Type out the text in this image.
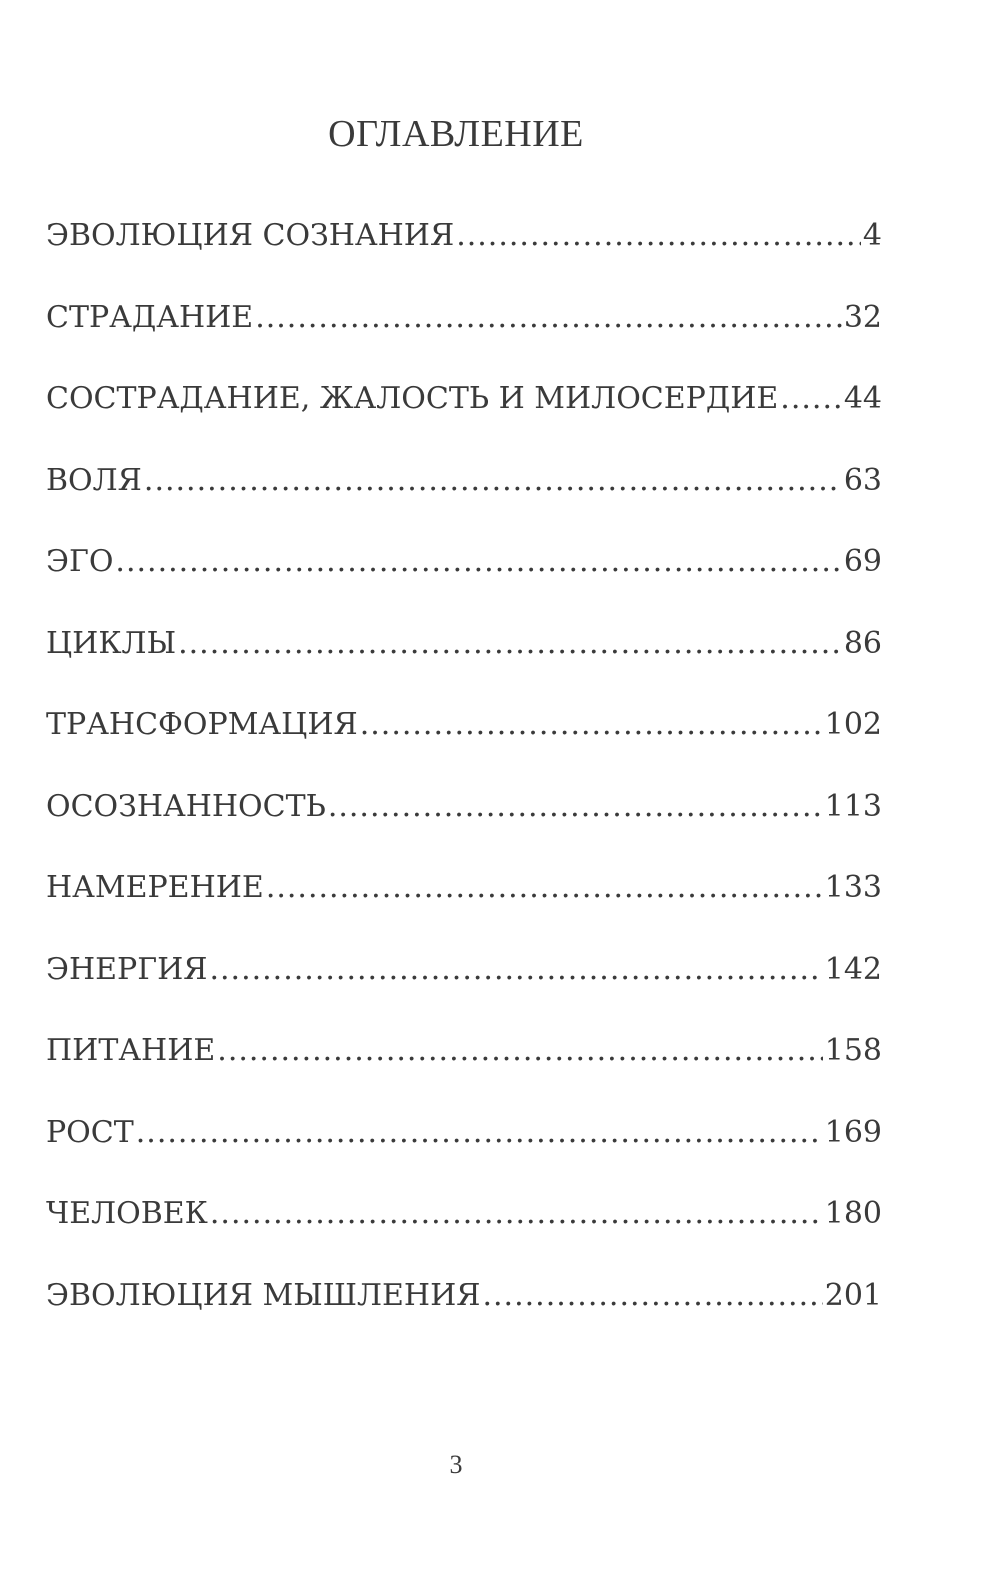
ОГЛАВЛЕНИЕ
ЭВОЛЮЦИЯ СОЗНАНИЯ .....	4
СТРАДАНИЕ .....	32
СОСТРАДАНИЕ, ЖАЛОСТЬ И МИЛОСЕРДИЕ ..... 44
ВОЛЯ .....	63
ЭГО .....	69
ЦИКЛЫ .....	86
ТРАНСФОРМАЦИЯ .....	102
ОСОЗНАННОСТЬ .....	113
НАМЕРЕНИЕ .....	133
ЭНЕРГИЯ .....	142
ПИТАНИЕ .....	158
РОСТ .....	169
ЧЕЛОВЕК .....	180
ЭВОЛЮЦИЯ МЫШЛЕНИЯ .....	201
3
